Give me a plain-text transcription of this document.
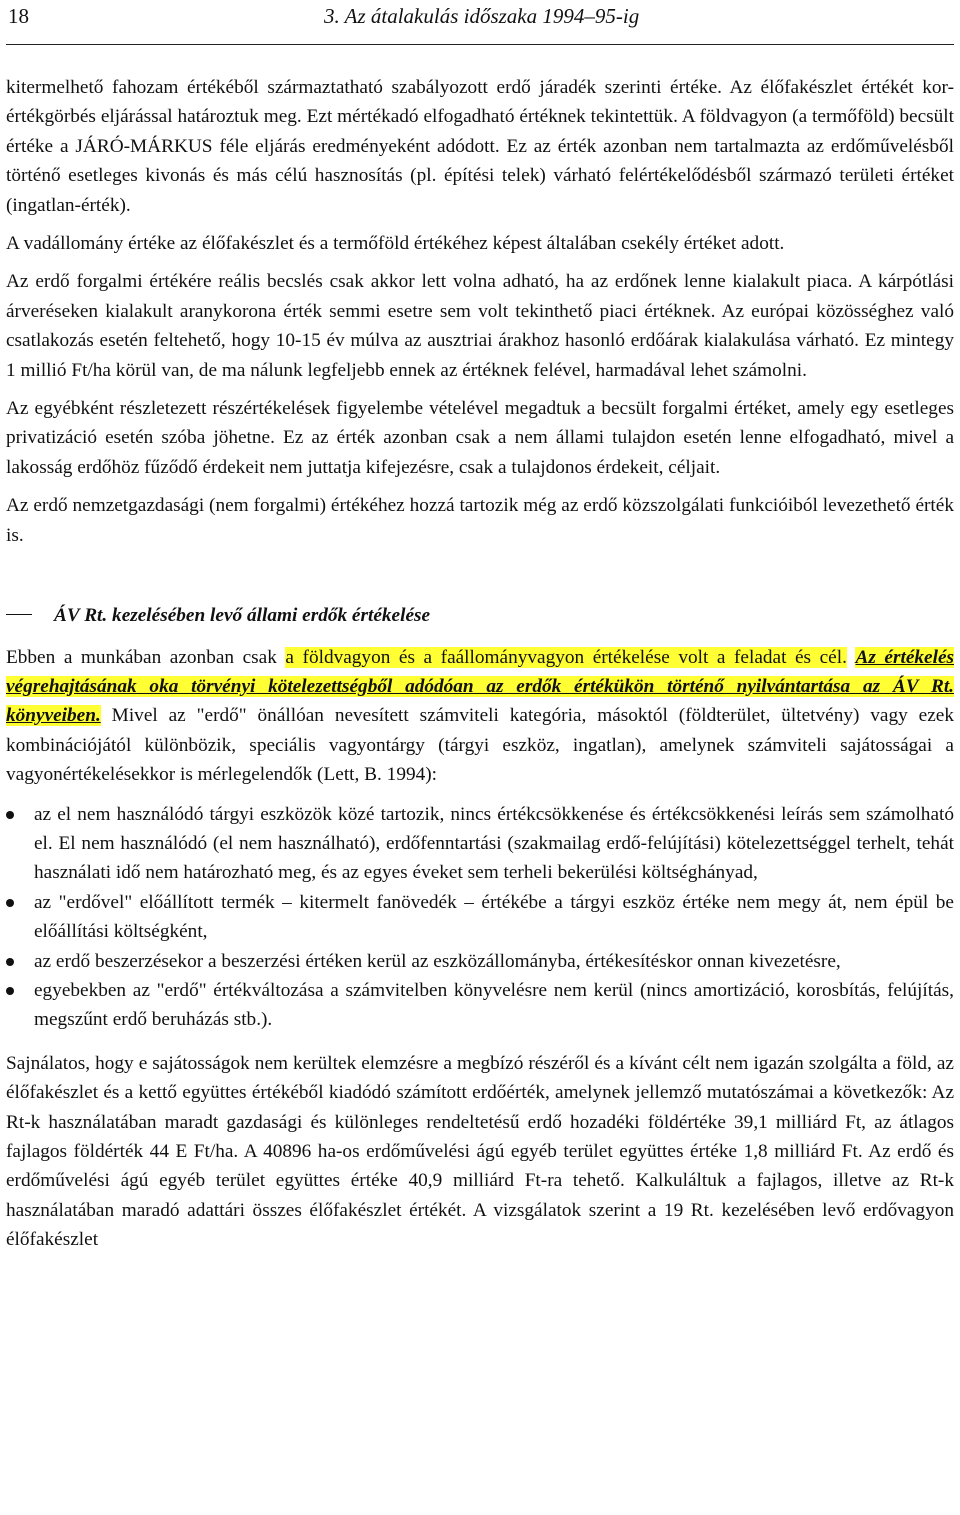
18	3. Az átalakulás időszaka 1994–95-ig

kitermelhető fahozam értékéből származtatható szabályozott erdő járadék szerinti értéke. Az élőfakészlet értékét kor-értékgörbés eljárással határoztuk meg. Ezt mértékadó elfogadható értéknek tekintettük. A földvagyon (a termőföld) becsült értéke a JÁRÓ-MÁRKUS féle eljárás eredményeként adódott. Ez az érték azonban nem tartalmazta az erdőművelésből történő esetleges kivonás és más célú hasznosítás (pl. építési telek) várható felértékelődésből származó területi értéket (ingatlan-érték).

A vadállomány értéke az élőfakészlet és a termőföld értékéhez képest általában csekély értéket adott.

Az erdő forgalmi értékére reális becslés csak akkor lett volna adható, ha az erdőnek lenne kialakult piaca. A kárpótlási árveréseken kialakult aranykorona érték semmi esetre sem volt tekinthető piaci értéknek. Az európai közösséghez való csatlakozás esetén feltehető, hogy 10-15 év múlva az ausztriai árakhoz hasonló erdőárak kialakulása várható. Ez mintegy 1 millió Ft/ha körül van, de ma nálunk legfeljebb ennek az értéknek felével, harmadával lehet számolni.

Az egyébként részletezett részértékelések figyelembe vételével megadtuk a becsült forgalmi értéket, amely egy esetleges privatizáció esetén szóba jöhetne. Ez az érték azonban csak a nem állami tulajdon esetén lenne elfogadható, mivel a lakosság erdőhöz fűződő érdekeit nem juttatja kifejezésre, csak a tulajdonos érdekeit, céljait.

Az erdő nemzetgazdasági (nem forgalmi) értékéhez hozzá tartozik még az erdő közszolgálati funkcióiból levezethető érték is.

ÁV Rt. kezelésében levő állami erdők értékelése

Ebben a munkában azonban csak a földvagyon és a faállományvagyon értékelése volt a feladat és cél. Az értékelés végrehajtásának oka törvényi kötelezettségből adódóan az erdők értékükön történő nyilvántartása az ÁV Rt. könyveiben. Mivel az "erdő" önállóan nevesített számviteli kategória, másoktól (földterület, ültetvény) vagy ezek kombinációjától különbözik, speciális vagyontárgy (tárgyi eszköz, ingatlan), amelynek számviteli sajátosságai a vagyonértékelésekkor is mérlegelendők (Lett, B. 1994):

az el nem használódó tárgyi eszközök közé tartozik, nincs értékcsökkenése és értékcsökkenési leírás sem számolható el. El nem használódó (el nem használható), erdőfenntartási (szakmailag erdő-felújítási) kötelezettséggel terhelt, tehát használati idő nem határozható meg, és az egyes éveket sem terheli bekerülési költséghányad,
az "erdővel" előállított termék – kitermelt fanövedék – értékébe a tárgyi eszköz értéke nem megy át, nem épül be előállítási költségként,
az erdő beszerzésekor a beszerzési értéken kerül az eszközállományba, értékesítéskor onnan kivezetésre,
egyebekben az "erdő" értékváltozása a számvitelben könyvelésre nem kerül (nincs amortizáció, korosbítás, felújítás, megszűnt erdő beruházás stb.).

Sajnálatos, hogy e sajátosságok nem kerültek elemzésre a megbízó részéről és a kívánt célt nem igazán szolgálta a föld, az élőfakészlet és a kettő együttes értékéből kiadódó számított erdőérték, amelynek jellemző mutatószámai a következők: Az Rt-k használatában maradt gazdasági és különleges rendeltetésű erdő hozadéki földértéke 39,1 milliárd Ft, az átlagos fajlagos földérték 44 E Ft/ha. A 40896 ha-os erdőművelési ágú egyéb terület együttes értéke 1,8 milliárd Ft. Az erdő és erdőművelési ágú egyéb terület együttes értéke 40,9 milliárd Ft-ra tehető. Kalkuláltuk a fajlagos, illetve az Rt-k használatában maradó adattári összes élőfakészlet értékét. A vizsgálatok szerint a 19 Rt. kezelésében levő erdővagyon élőfakészlet
